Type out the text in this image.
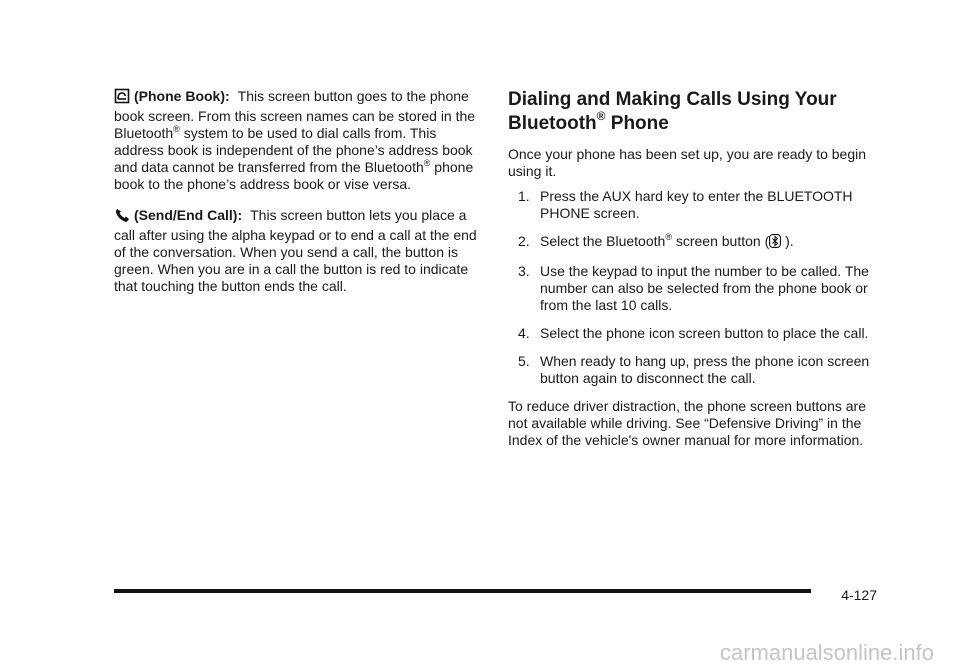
(Phone Book): This screen button goes to the phone book screen. From this screen names can be stored in the Bluetooth® system to be used to dial calls from. This address book is independent of the phone’s address book and data cannot be transferred from the Bluetooth® phone book to the phone’s address book or vise versa.

(Send/End Call): This screen button lets you place a call after using the alpha keypad or to end a call at the end of the conversation. When you send a call, the button is green. When you are in a call the button is red to indicate that touching the button ends the call.

Dialing and Making Calls Using Your Bluetooth® Phone

Once your phone has been set up, you are ready to begin using it.

1. Press the AUX hard key to enter the BLUETOOTH PHONE screen.
2. Select the Bluetooth® screen button ( ).
3. Use the keypad to input the number to be called. The number can also be selected from the phone book or from the last 10 calls.
4. Select the phone icon screen button to place the call.
5. When ready to hang up, press the phone icon screen button again to disconnect the call.

To reduce driver distraction, the phone screen buttons are not available while driving. See “Defensive Driving” in the Index of the vehicle's owner manual for more information.

4-127
carmanualsonline.info
